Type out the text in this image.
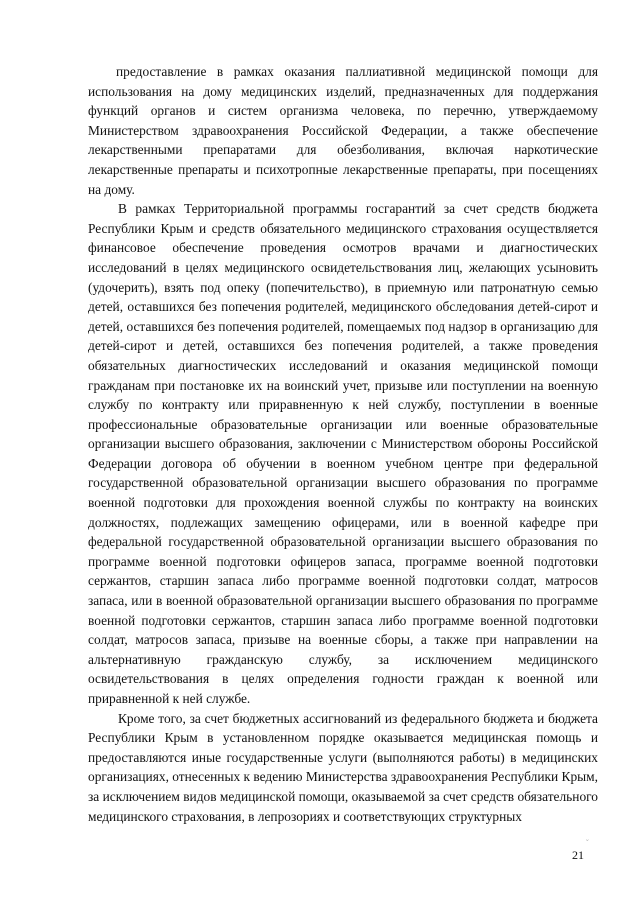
предоставление в рамках оказания паллиативной медицинской помощи для использования на дому медицинских изделий, предназначенных для поддержания функций органов и систем организма человека, по перечню, утверждаемому Министерством здравоохранения Российской Федерации, а также обеспечение лекарственными препаратами для обезболивания, включая наркотические лекарственные препараты и психотропные лекарственные препараты, при посещениях на дому.

В рамках Территориальной программы госгарантий за счет средств бюджета Республики Крым и средств обязательного медицинского страхования осуществляется финансовое обеспечение проведения осмотров врачами и диагностических исследований в целях медицинского освидетельствования лиц, желающих усыновить (удочерить), взять под опеку (попечительство), в приемную или патронатную семью детей, оставшихся без попечения родителей, медицинского обследования детей-сирот и детей, оставшихся без попечения родителей, помещаемых под надзор в организацию для детей-сирот и детей, оставшихся без попечения родителей, а также проведения обязательных диагностических исследований и оказания медицинской помощи гражданам при постановке их на воинский учет, призыве или поступлении на военную службу по контракту или приравненную к ней службу, поступлении в военные профессиональные образовательные организации или военные образовательные организации высшего образования, заключении с Министерством обороны Российской Федерации договора об обучении в военном учебном центре при федеральной государственной образовательной организации высшего образования по программе военной подготовки для прохождения военной службы по контракту на воинских должностях, подлежащих замещению офицерами, или в военной кафедре при федеральной государственной образовательной организации высшего образования по программе военной подготовки офицеров запаса, программе военной подготовки сержантов, старшин запаса либо программе военной подготовки солдат, матросов запаса, или в военной образовательной организации высшего образования по программе военной подготовки сержантов, старшин запаса либо программе военной подготовки солдат, матросов запаса, призыве на военные сборы, а также при направлении на альтернативную гражданскую службу, за исключением медицинского освидетельствования в целях определения годности граждан к военной или приравненной к ней службе.

Кроме того, за счет бюджетных ассигнований из федерального бюджета и бюджета Республики Крым в установленном порядке оказывается медицинская помощь и предоставляются иные государственные услуги (выполняются работы) в медицинских организациях, отнесенных к ведению Министерства здравоохранения Республики Крым, за исключением видов медицинской помощи, оказываемой за счет средств обязательного медицинского страхования, в лепрозориях и соответствующих структурных

˘
21
